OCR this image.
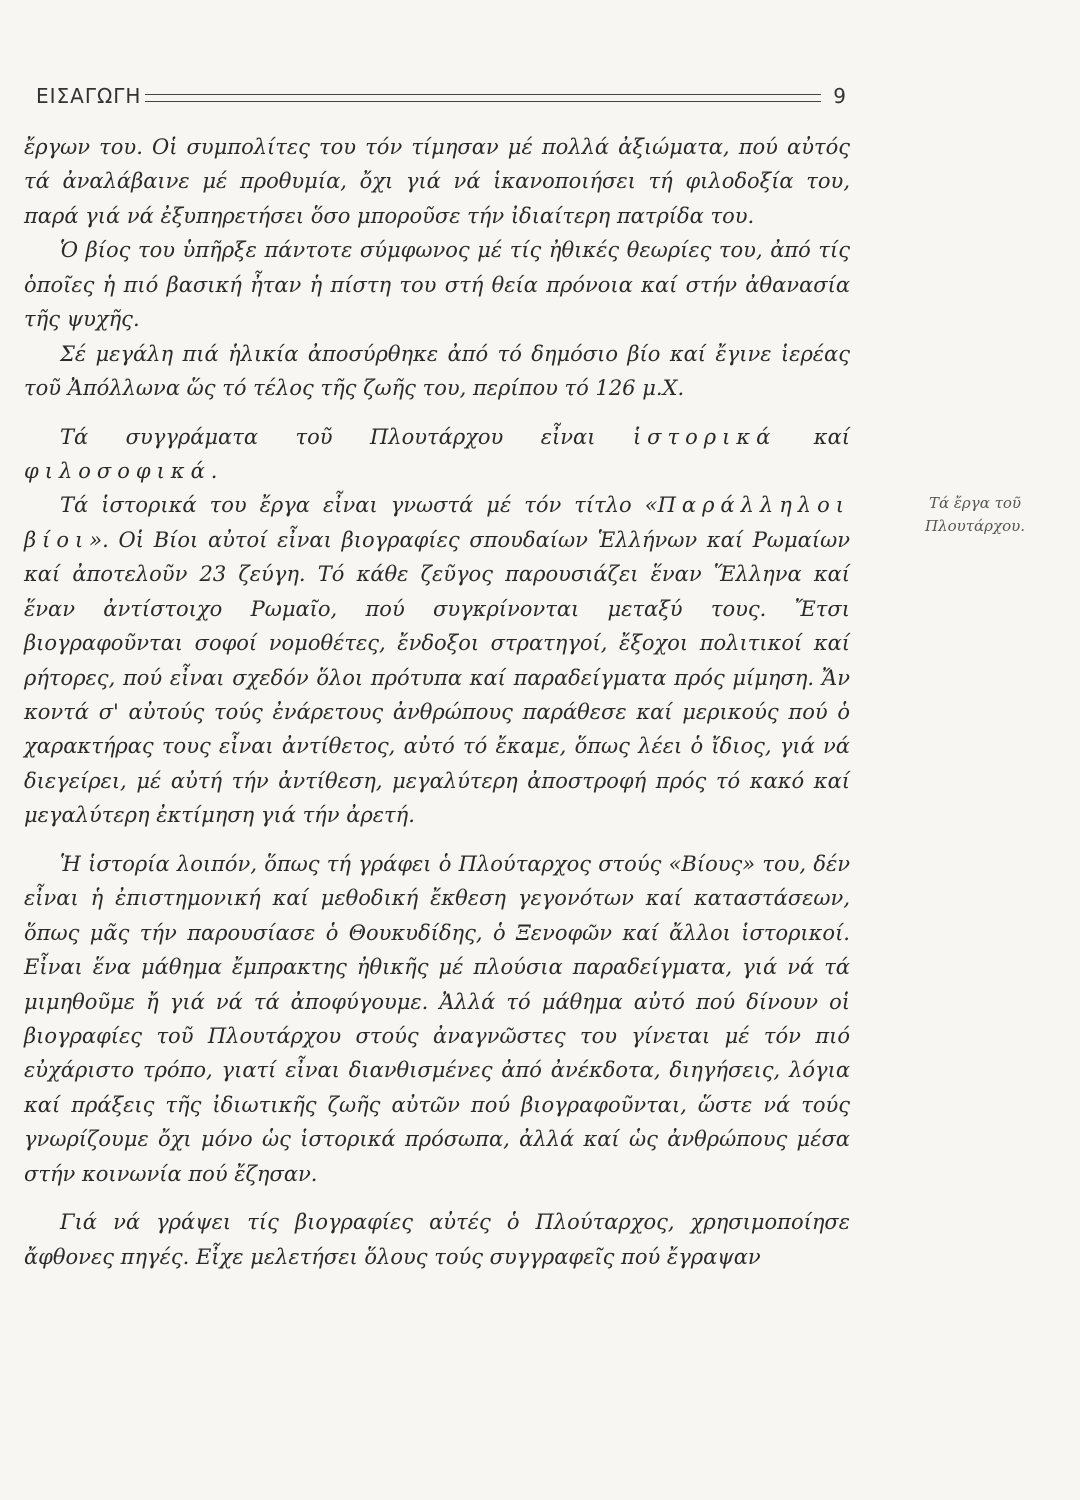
ΕΙΣΑΓΩΓΗ	9

ἔργων του. Οἱ συμπολίτες του τόν τίμησαν μέ πολλά ἀξιώματα, πού αὐτός τά ἀναλάβαινε μέ προθυμία, ὄχι γιά νά ἱκανοποιήσει τή φιλοδοξία του, παρά γιά νά ἐξυπηρετήσει ὅσο μποροῦσε τήν ἰδιαίτερη πατρίδα του.

Ὁ βίος του ὑπῆρξε πάντοτε σύμφωνος μέ τίς ἠθικές θεωρίες του, ἀπό τίς ὁποῖες ἡ πιό βασική ἦταν ἡ πίστη του στή θεία πρόνοια καί στήν ἀθανασία τῆς ψυχῆς.

Σέ μεγάλη πιά ἡλικία ἀποσύρθηκε ἀπό τό δημόσιο βίο καί ἔγινε ἱερέας τοῦ Ἀπόλλωνα ὥς τό τέλος τῆς ζωῆς του, περίπου τό 126 μ.Χ.

Τά συγγράματα τοῦ Πλουτάρχου εἶναι ἱστορικά καί φιλοσοφικά.

Τά ἱστορικά του ἔργα εἶναι γνωστά μέ τόν τίτλο «Παράλληλοι βίοι». Οἱ Βίοι αὐτοί εἶναι βιογραφίες σπουδαίων Ἑλλήνων καί Ρωμαίων καί ἀποτελοῦν 23 ζεύγη. Τό κάθε ζεῦγος παρουσιάζει ἕναν Ἕλληνα καί ἕναν ἀντίστοιχο Ρωμαῖο, πού συγκρίνονται μεταξύ τους. Ἔτσι βιογραφοῦνται σοφοί νομοθέτες, ἔνδοξοι στρατηγοί, ἔξοχοι πολιτικοί καί ρήτορες, πού εἶναι σχεδόν ὅλοι πρότυπα καί παραδείγματα πρός μίμηση. Ἄν κοντά σ' αὐτούς τούς ἐνάρετους ἀνθρώπους παράθεσε καί μερικούς πού ὁ χαρακτήρας τους εἶναι ἀντίθετος, αὐτό τό ἔκαμε, ὅπως λέει ὁ ἴδιος, γιά νά διεγείρει, μέ αὐτή τήν ἀντίθεση, μεγαλύτερη ἀποστροφή πρός τό κακό καί μεγαλύτερη ἐκτίμηση γιά τήν ἀρετή.

Ἡ ἱστορία λοιπόν, ὅπως τή γράφει ὁ Πλούταρχος στούς «Βίους» του, δέν εἶναι ἡ ἐπιστημονική καί μεθοδική ἔκθεση γεγονότων καί καταστάσεων, ὅπως μᾶς τήν παρουσίασε ὁ Θουκυδίδης, ὁ Ξενοφῶν καί ἄλλοι ἱστορικοί. Εἶναι ἕνα μάθημα ἔμπρακτης ἠθικῆς μέ πλούσια παραδείγματα, γιά νά τά μιμηθοῦμε ἤ γιά νά τά ἀποφύγουμε. Ἀλλά τό μάθημα αὐτό πού δίνουν οἱ βιογραφίες τοῦ Πλουτάρχου στούς ἀναγνῶστες του γίνεται μέ τόν πιό εὐχάριστο τρόπο, γιατί εἶναι διανθισμένες ἀπό ἀνέκδοτα, διηγήσεις, λόγια καί πράξεις τῆς ἰδιωτικῆς ζωῆς αὐτῶν πού βιογραφοῦνται, ὥστε νά τούς γνωρίζουμε ὄχι μόνο ὡς ἱστορικά πρόσωπα, ἀλλά καί ὡς ἀνθρώπους μέσα στήν κοινωνία πού ἔζησαν.

Γιά νά γράψει τίς βιογραφίες αὐτές ὁ Πλούταρχος, χρησιμοποίησε ἄφθονες πηγές. Εἶχε μελετήσει ὅλους τούς συγγραφεῖς πού ἔγραψαν

Τά ἔργα τοῦ
Πλουτάρχου.
